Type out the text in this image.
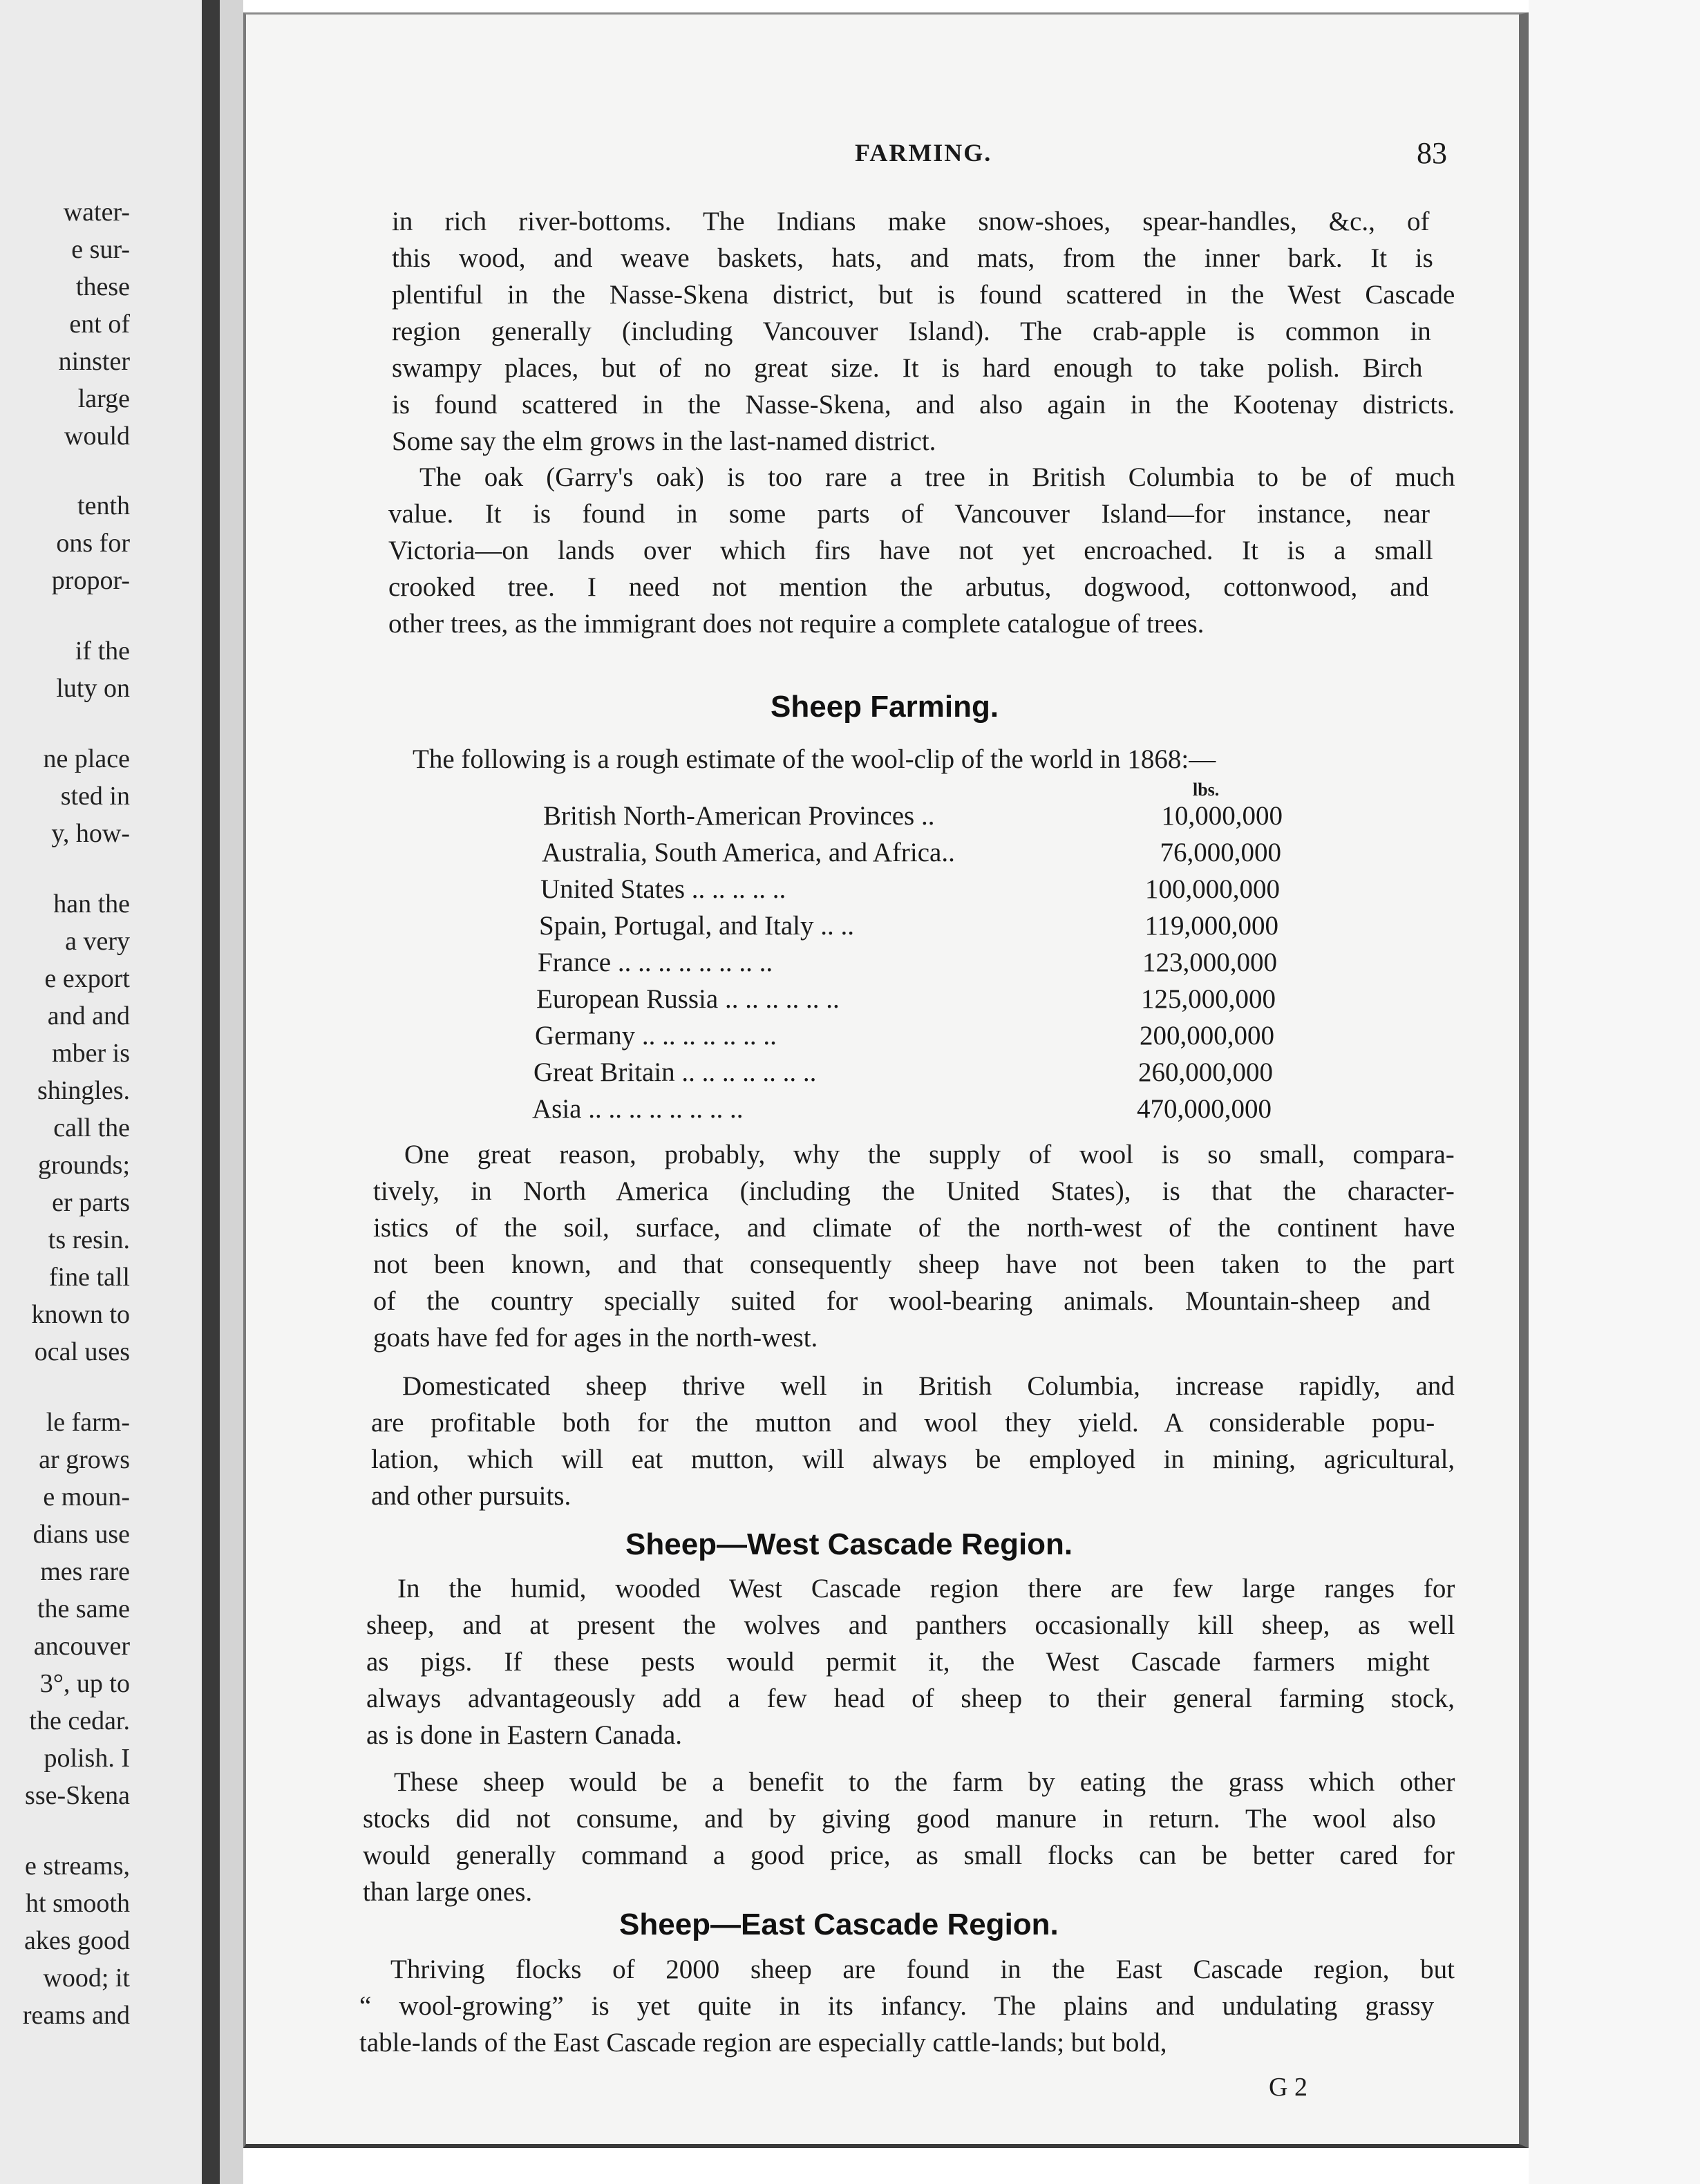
water-
e sur-
these
ent of
ninster
large
would
tenth
ons for
propor-
if the
luty on
ne place
sted in
y, how-
han the
a very
e export
and and
mber is
shingles.
call the
grounds;
er parts
ts resin.
fine tall
known to
ocal uses
le farm-
ar grows
e moun-
dians use
mes rare
the same
ancouver
3°, up to
the cedar.
polish. I
sse-Skena
e streams,
ht smooth
akes good
wood; it
reams and
FARMING.	83
Sheep Farming.
lbs.
British North-American Provinces ..	10,000,000
Australia, South America, and Africa..	76,000,000
United States .. .. .. .. ..	100,000,000
Spain, Portugal, and Italy .. ..	119,000,000
France .. .. .. .. .. .. .. ..	123,000,000
European Russia .. .. .. .. .. ..	125,000,000
Germany .. .. .. .. .. .. ..	200,000,000
Great Britain .. .. .. .. .. .. ..	260,000,000
Asia .. .. .. .. .. .. .. ..	470,000,000
Sheep—West Cascade Region.
Sheep—East Cascade Region.
G 2
in rich river-bottoms. The Indians make snow-shoes, spear-handles, &c., of
this wood, and weave baskets, hats, and mats, from the inner bark. It is
plentiful in the Nasse-Skena district, but is found scattered in the West Cascade
region generally (including Vancouver Island). The crab-apple is common in
swampy places, but of no great size. It is hard enough to take polish. Birch
is found scattered in the Nasse-Skena, and also again in the Kootenay districts.
Some say the elm grows in the last-named district.
The oak (Garry's oak) is too rare a tree in British Columbia to be of much
value. It is found in some parts of Vancouver Island—for instance, near
Victoria—on lands over which firs have not yet encroached. It is a small
crooked tree. I need not mention the arbutus, dogwood, cottonwood, and
other trees, as the immigrant does not require a complete catalogue of trees.
The following is a rough estimate of the wool-clip of the world in 1868:—
One great reason, probably, why the supply of wool is so small, compara-
tively, in North America (including the United States), is that the character-
istics of the soil, surface, and climate of the north-west of the continent have
not been known, and that consequently sheep have not been taken to the part
of the country specially suited for wool-bearing animals. Mountain-sheep and
goats have fed for ages in the north-west.
Domesticated sheep thrive well in British Columbia, increase rapidly, and
are profitable both for the mutton and wool they yield. A considerable popu-
lation, which will eat mutton, will always be employed in mining, agricultural,
and other pursuits.
In the humid, wooded West Cascade region there are few large ranges for
sheep, and at present the wolves and panthers occasionally kill sheep, as well
as pigs. If these pests would permit it, the West Cascade farmers might
always advantageously add a few head of sheep to their general farming stock,
as is done in Eastern Canada.
These sheep would be a benefit to the farm by eating the grass which other
stocks did not consume, and by giving good manure in return. The wool also
would generally command a good price, as small flocks can be better cared for
than large ones.
Thriving flocks of 2000 sheep are found in the East Cascade region, but
“ wool-growing” is yet quite in its infancy. The plains and undulating grassy
table-lands of the East Cascade region are especially cattle-lands; but bold,
